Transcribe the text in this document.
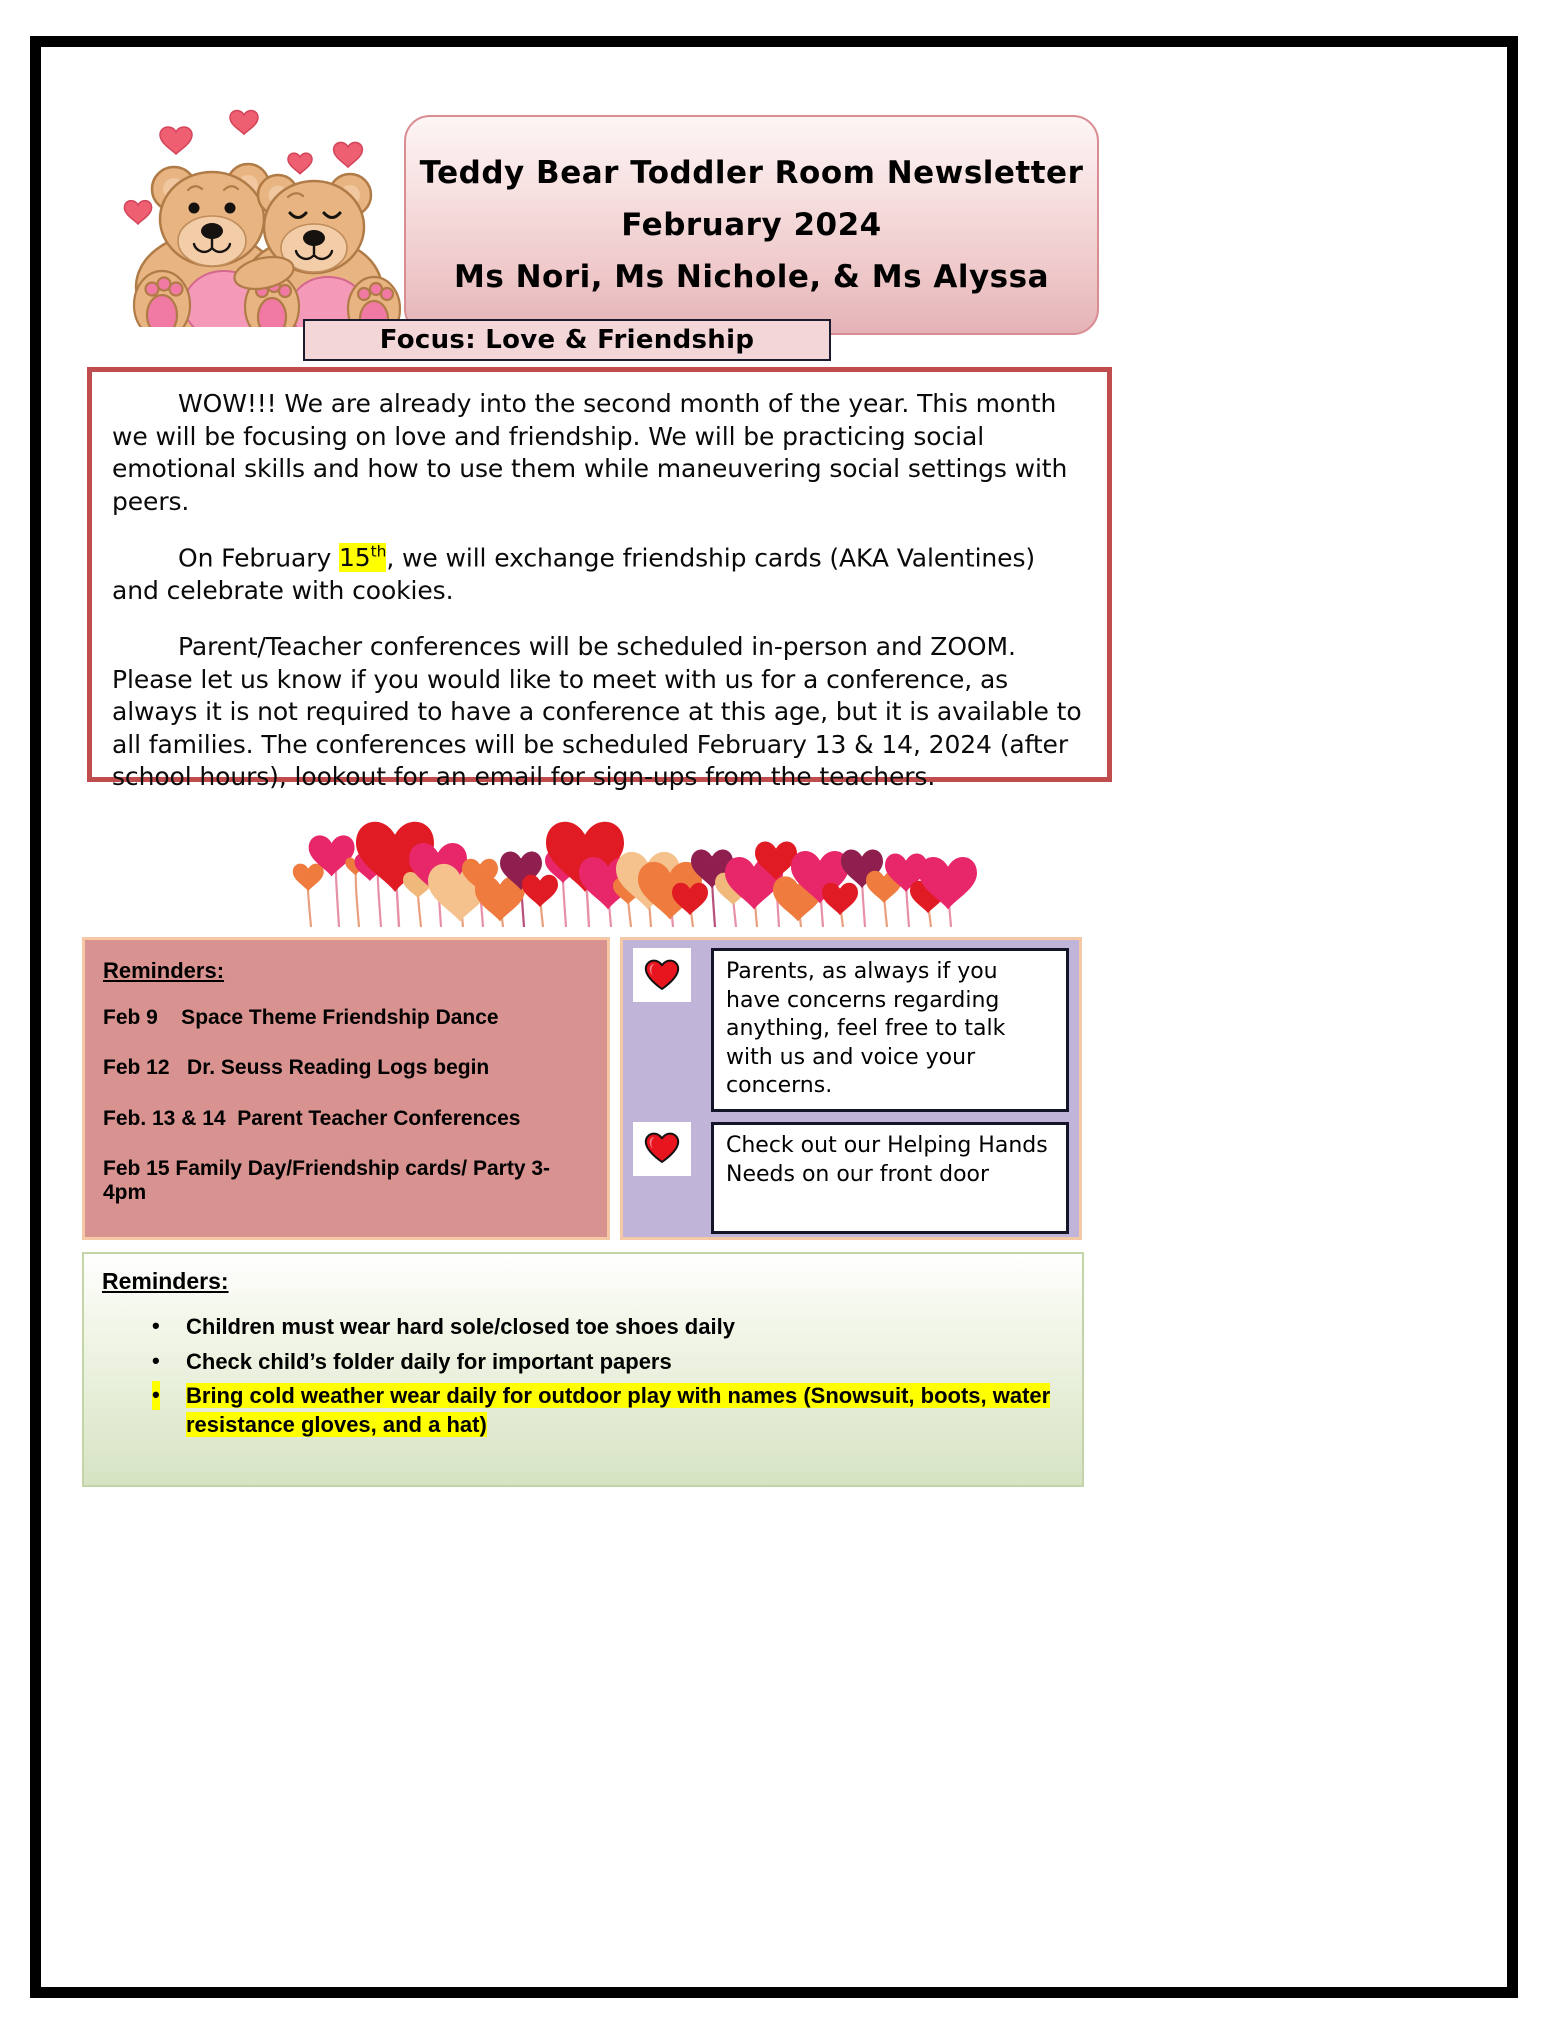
Teddy Bear Toddler Room Newsletter
February 2024
Ms Nori, Ms Nichole, & Ms Alyssa
Focus: Love & Friendship

WOW!!! We are already into the second month of the year. This month we will be focusing on love and friendship. We will be practicing social emotional skills and how to use them while maneuvering social settings with peers.

On February 15th, we will exchange friendship cards (AKA Valentines) and celebrate with cookies.

Parent/Teacher conferences will be scheduled in-person and ZOOM. Please let us know if you would like to meet with us for a conference, as always it is not required to have a conference at this age, but it is available to all families. The conferences will be scheduled February 13 & 14, 2024 (after school hours), lookout for an email for sign-ups from the teachers.

Reminders:
Feb 9    Space Theme Friendship Dance
Feb 12   Dr. Seuss Reading Logs begin
Feb. 13 & 14  Parent Teacher Conferences
Feb 15 Family Day/Friendship cards/ Party 3-4pm
Parents, as always if you have concerns regarding anything, feel free to talk with us and voice your concerns.
Check out our Helping Hands Needs on our front door
Reminders:
• Children must wear hard sole/closed toe shoes daily
• Check child’s folder daily for important papers
• Bring cold weather wear daily for outdoor play with names (Snowsuit, boots, water resistance gloves, and a hat)
